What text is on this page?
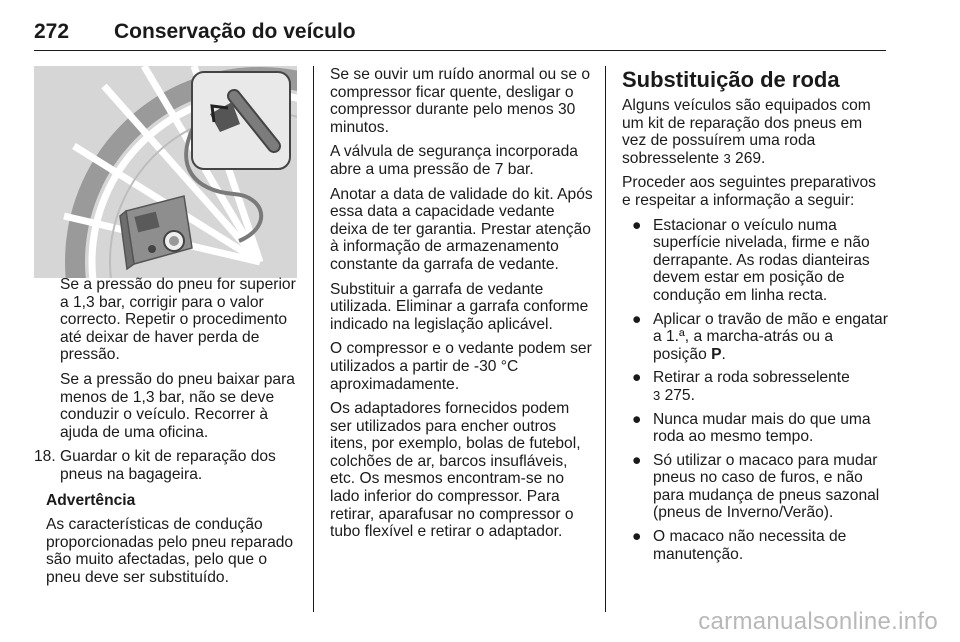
272 Conservação do veículo

Se a pressão do pneu for superior a 1,3 bar, corrigir para o valor correcto. Repetir o procedimento até deixar de haver perda de pressão.

Se a pressão do pneu baixar para menos de 1,3 bar, não se deve conduzir o veículo. Recorrer à ajuda de uma oficina.

18. Guardar o kit de reparação dos pneus na bagageira.

Advertência

As características de condução proporcionadas pelo pneu reparado são muito afectadas, pelo que o pneu deve ser substituído.

Se se ouvir um ruído anormal ou se o compressor ficar quente, desligar o compressor durante pelo menos 30 minutos.

A válvula de segurança incorporada abre a uma pressão de 7 bar.

Anotar a data de validade do kit. Após essa data a capacidade vedante deixa de ter garantia. Prestar atenção à informação de armazenamento constante da garrafa de vedante.

Substituir a garrafa de vedante utilizada. Eliminar a garrafa conforme indicado na legislação aplicável.

O compressor e o vedante podem ser utilizados a partir de -30 °C aproximadamente.

Os adaptadores fornecidos podem ser utilizados para encher outros itens, por exemplo, bolas de futebol, colchões de ar, barcos insufláveis, etc. Os mesmos encontram-se no lado inferior do compressor. Para retirar, aparafusar no compressor o tubo flexível e retirar o adaptador.

Substituição de roda

Alguns veículos são equipados com um kit de reparação dos pneus em vez de possuírem uma roda sobresselente 3 269.

Proceder aos seguintes preparativos e respeitar a informação a seguir:

● Estacionar o veículo numa superfície nivelada, firme e não derrapante. As rodas dianteiras devem estar em posição de condução em linha recta.
● Aplicar o travão de mão e engatar a 1.ª, a marcha-atrás ou a posição P.
● Retirar a roda sobresselente
3 275.
● Nunca mudar mais do que uma roda ao mesmo tempo.
● Só utilizar o macaco para mudar pneus no caso de furos, e não para mudança de pneus sazonal (pneus de Inverno/Verão).
● O macaco não necessita de manutenção.
carmanualsonline.info
